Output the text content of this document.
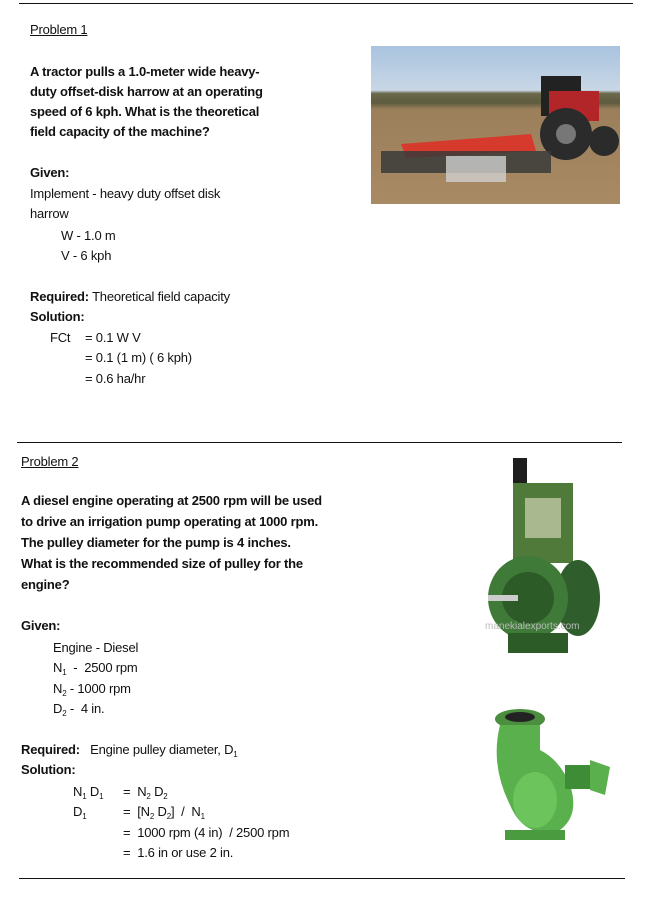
Problem 1
A tractor pulls a 1.0-meter wide heavy-
duty offset-disk harrow at an operating
speed of 6 kph. What is the theoretical
field capacity of the machine?
Given:
Implement - heavy duty offset disk
harrow
W - 1.0 m
V - 6 kph
Required: Theoretical field capacity
Solution:
FCt = 0.1 W V
= 0.1 (1 m) ( 6 kph)
= 0.6 ha/hr
Problem 2
A diesel engine operating at 2500 rpm will be used
to drive an irrigation pump operating at 1000 rpm.
The pulley diameter for the pump is 4 inches.
What is the recommended size of pulley for the
engine?
Given:
Engine - Diesel
$N_1 - 2500$ rpm
$N_2 - 1000$ rpm
$D_2 - 4$ in.
Required: Engine pulley diameter, $D_1$
Solution:
$N_1$ $D_1 = N_2$ $D_2$
$D_1$	=  [$N_2$ $D_2] / N_1$
=  1000 rpm (4 in)  / 2500 rpm
=  1.6 in or use 2 in.
manekialexports.com
